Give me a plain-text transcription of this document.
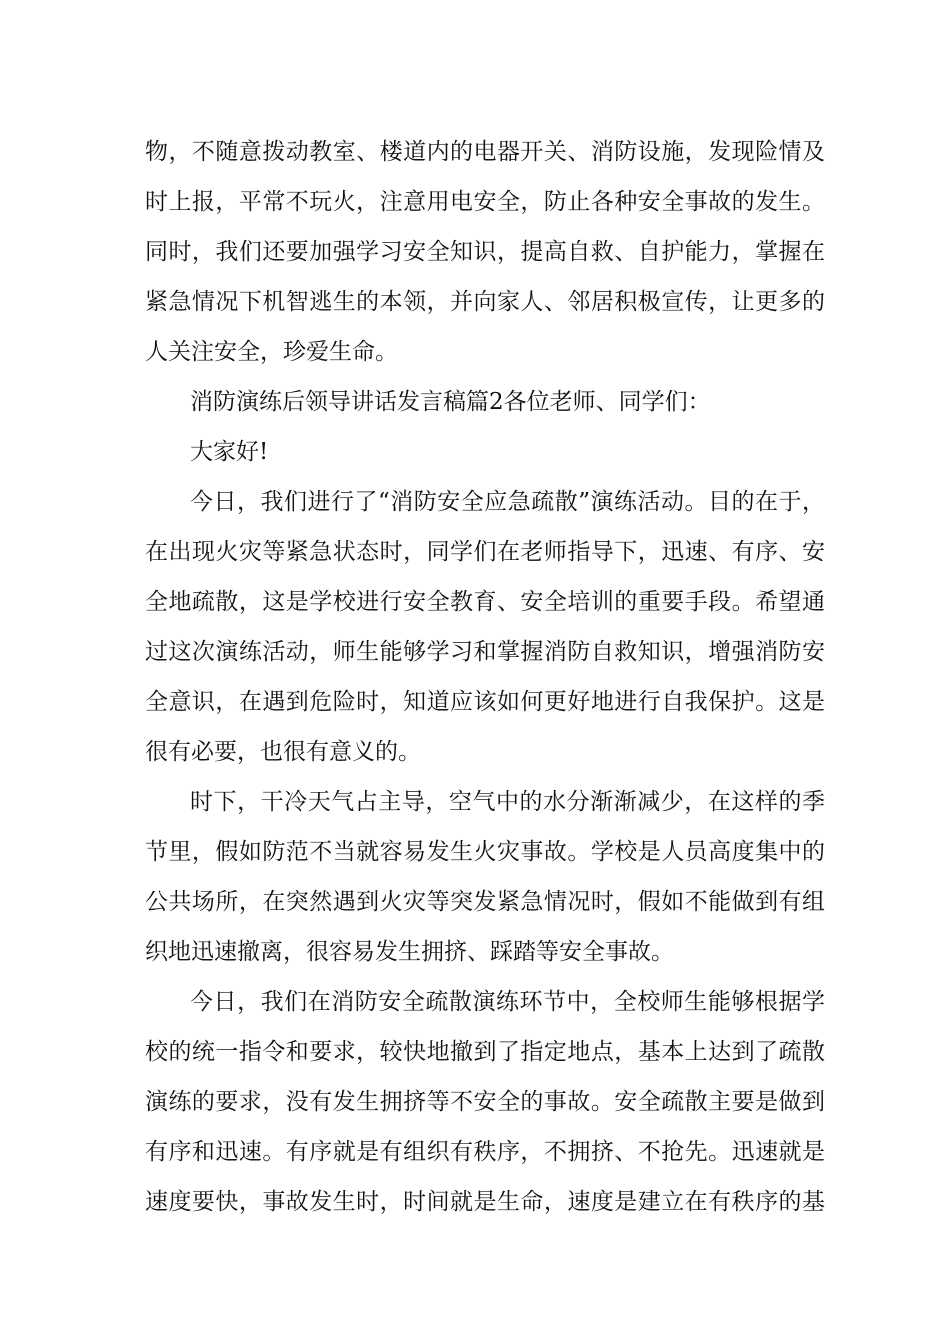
物，不随意拨动教室、楼道内的电器开关、消防设施，发现险情及
时上报，平常不玩火，注意用电安全，防止各种安全事故的发生。
同时，我们还要加强学习安全知识，提高自救、自护能力，掌握在
紧急情况下机智逃生的本领，并向家人、邻居积极宣传，让更多的
人关注安全，珍爱生命。
消防演练后领导讲话发言稿篇2各位老师、同学们：
大家好!
今日，我们进行了“消防安全应急疏散”演练活动。目的在于，
在出现火灾等紧急状态时，同学们在老师指导下，迅速、有序、安
全地疏散，这是学校进行安全教育、安全培训的重要手段。希望通
过这次演练活动，师生能够学习和掌握消防自救知识，增强消防安
全意识，在遇到危险时，知道应该如何更好地进行自我保护。这是
很有必要，也很有意义的。
时下，干冷天气占主导，空气中的水分渐渐减少，在这样的季
节里，假如防范不当就容易发生火灾事故。学校是人员高度集中的
公共场所，在突然遇到火灾等突发紧急情况时，假如不能做到有组
织地迅速撤离，很容易发生拥挤、踩踏等安全事故。
今日，我们在消防安全疏散演练环节中，全校师生能够根据学
校的统一指令和要求，较快地撤到了指定地点，基本上达到了疏散
演练的要求，没有发生拥挤等不安全的事故。安全疏散主要是做到
有序和迅速。有序就是有组织有秩序，不拥挤、不抢先。迅速就是
速度要快，事故发生时，时间就是生命，速度是建立在有秩序的基
